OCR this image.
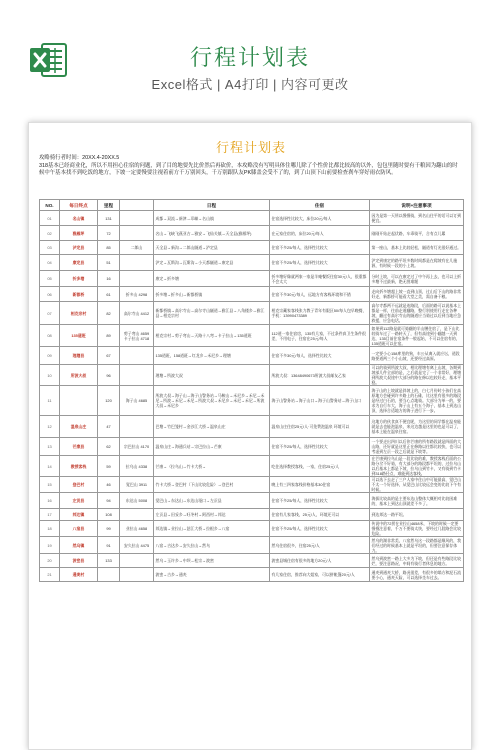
行程计划表
Excel格式 | A4打印 | 内容可更改
行程计划表
攻略骑行者时间：20XX.4-20XX.5
318基本已经商业化，所以不用担心住宿的问题，到了目的地要先比价然后再砍价，本攻略没有写明具体住哪儿除了个性价比都比较高的以外，包包里随时要有干粮因为翻山的时候中午基本找不到吃饭的地方，下坡一定要慢要注视着前方千万别回头，千万别跟队友PK膝盖会受不了的，到了山顶下山前要检查刹车穿好雨衣防风。
NO.	每日终点	里程		日程	住宿	说明+注意事项
01	名山镇	131		成都→双流→新津→邛崃→名山镇	住宿选择性比较大，床位20元/每人	因为是第一天所以慢慢骑，到名山住平的话可以订到便宜。
02	雅雁坪	72		名山→飞峡飞燕亚吉→雅安→飞仙关镇→天全县(雅雁坪)	在元家住宿的，床位20元/每人	刚刚开始走起伏路，车乖骑平，合有点儿累
03	泸定县	85	二郎山	天全县→新沟→二郎山隧道→泸定县	住宿不多25/每人，选择性比较大	第一座山，基本上比较轻松，隧道有灯光很好通过。
04	康定县	51		泸定→瓦斯沟→瓦斯沟→小天都隧道→康定县	住宿不多25/每人，选择性比较大	泸定到康定的路平坦多数时间都是在爬坡有在几施源，有时候一段的小上坡。
05	折多塘	16		康定→折多塘	折多塘好像就两家一家是羊庵餐饭住宿30元/人，很重都不会太大	分时上坡，可以在康定过了中午再上去，也可以上折多塘不过最新，绝无图难题
06	新都桥	61	折多山 4298	折多塘→折多山→新都桥镇	住宿不多30元/每人，远地方有客栈环境和不错	走向折多塘超上坡一直到山顶，过山后下山的路非常好走，新都桥可能看大堂之美，需自备干粮。
07	相克宗村	82	高尔寺山 4412	新都桥镇→高尔寺山→高尔寺山隧道→雅江县→八角楼乡→雅江县→相克宗村	相克宗藏家客栈张力教子青年有限区50/每人包早晚餐，手机：13990473389	高尔寺都两不远就是连路段，后面的路可以说基本上都是一样，往前走道翻路，整行别使用行走在各种坡，翻过有高尔寺山的隧道应当骑过以后到当地应急救援，应急电话。
08	135道班	89	剪子弯山 4659 卡子拉山 4718	相克宗村→剪子弯山→天路十八弯→卡子拉山→135道班	112道一家住宿房，135有几家，不过条件真卫生条件很差，不用电子，住宿在25元/每人	如果到112路是就可骑翻的半山腰住宿了，是下山比较骑车过了一路转天了，但有高途到小翻越一天到达，135目前住宿条件一般起始，不可以住宿有的，135道班可以住宿。
09	理塘县	67		135道班，158道班→红龙乡→禾尼乡→理塘	住宿不多30元/每人，选择性比较大	一定要小心158库里的狗，车公从离入就应坛，道段路要道两三个小山坡，还要经过高原。
10	所波大叔	96		理塘→所波大叔	所波大叔：13648490673所波大叔邮友乙家	可以的骑到所波大叔，相比理塘有离上山坡，各期到坡部几件全部的是，之后就是完了一个非常好，理塘到所波大叔途中大部分的路在修以也较好走，基本平稳。
11		120	海子山 4685	所波大叔→海子山→海子山警务站→马鞍山→禾尼乡→禾尼→禾尼→所波→禾尼→禾尼→所波大叔→禾尼乡→禾尼→禾尼→所波大叔→禾尼乡	海子山警务站→海子山口→海子山警务站→海子山口	海子山的上坡就是斜坡上的，白七月份时小孩们在高原地方会碰到许多路上的石碓，比这里有很多的路段是经过白石的，要当心点地骑。大部分为单一的，要求为自行车大，海子山上有五个海子，基本上到达山顶，选择合适地方的海子进行下一步。
12	温泉山庄	47		巴塘→竹巴笼村→金沙江大桥→温泉山庄	温泉山庄住宿25元/人·可免费泡温泉 环境可以	这地方的伙食真不便宜呢，为这里的同学都在温泉能就是去也能泡温泉，来这边越是这里的也是可以了，基本上能在温泉住宿。
13	芒康县	62	宗巴拉山 4170	温泉山庄→海通兵站→宗巴拉山→芒康	住宿不多25/每人，选择性比较大	一个要走出四川以后你芒康的所有路段就是四面的大山路，还好就是这里正在修路以往都比较快，也可以考虑到左贡一段之后就是下坡等。
14	教授客栈	59	拉乌山 4338	芒康→（拉乌山→竹卡大桥→	吃住选择教授客栈，一家，住宿25元/人	在芒康到拉乌山是一段比较的难，教授客栈后面的公路分岔不好骑，有大部分的路段都平坦的，过拉乌山以后基本上都是下坡，拉乌山到竹卡，又有骑到竹卡到318路径点，难能到达客栈。
15	登巴村	46	觉巴山 3911	竹卡大桥→登巴村（下山比较危险）→登巴村	晚上有三四家客栈价格基本30住宿	可以选下去走了三户人家中住山中可能最高，觉巴山不太一个好选择，从觉巴山比较远会变的比较下午有时候。
16	左贡县	94	东达山 5008	觉巴山→东达山→东达山垭口→左贡县	住宿不多25/每人，选择性比较大	海拔比较高的是主要东达山整体大概相对比较困难的，基本上到达山顶就差不多了。
17	邦达镇	108		左贡县→田妥乡→旺冬村→阿西村→邦达	住宿有几家客栈，25元/人，环境还可以	到达邦达一路平坦。
18	八宿县	99	业拉山 4658	邦达镇→业拉山→怒江大桥→拉根乡→八宿	住宿不多25/每人，选择性比较大	传说中的72拐在业拉山4658米，下坡的时候一定要慢慢注意着，千万不要骑太快，要经过几段路会比较危险。
19	然乌镇	91	安久拉山 4475	八宿→吉达乡→安久拉山→然乌	然乌住宿很多，住宿25元/人	然乌的湖非常美，八宿然乌这一段路都是顺风的，我们经过的时候基本上就是平坦的，但要注意保存体力。
20	波密县	133		然乌→玉许乡→中坝→松宗→波密	波密县城住宿有很多的地方20元/人	然乌到波密一路上大多为下坡，但还是有些路段比较烂，要注意路况，中间有骑行者休息的地方。
21	通麦村			波密→古乡→通麦	有几家住宿，推荐向大姐家，可以拼帐篷20元/人	通麦到通麦大桥，路况很差，有很多的塌方和泥石流要小心，通麦天险，可以选择坐车过去。
